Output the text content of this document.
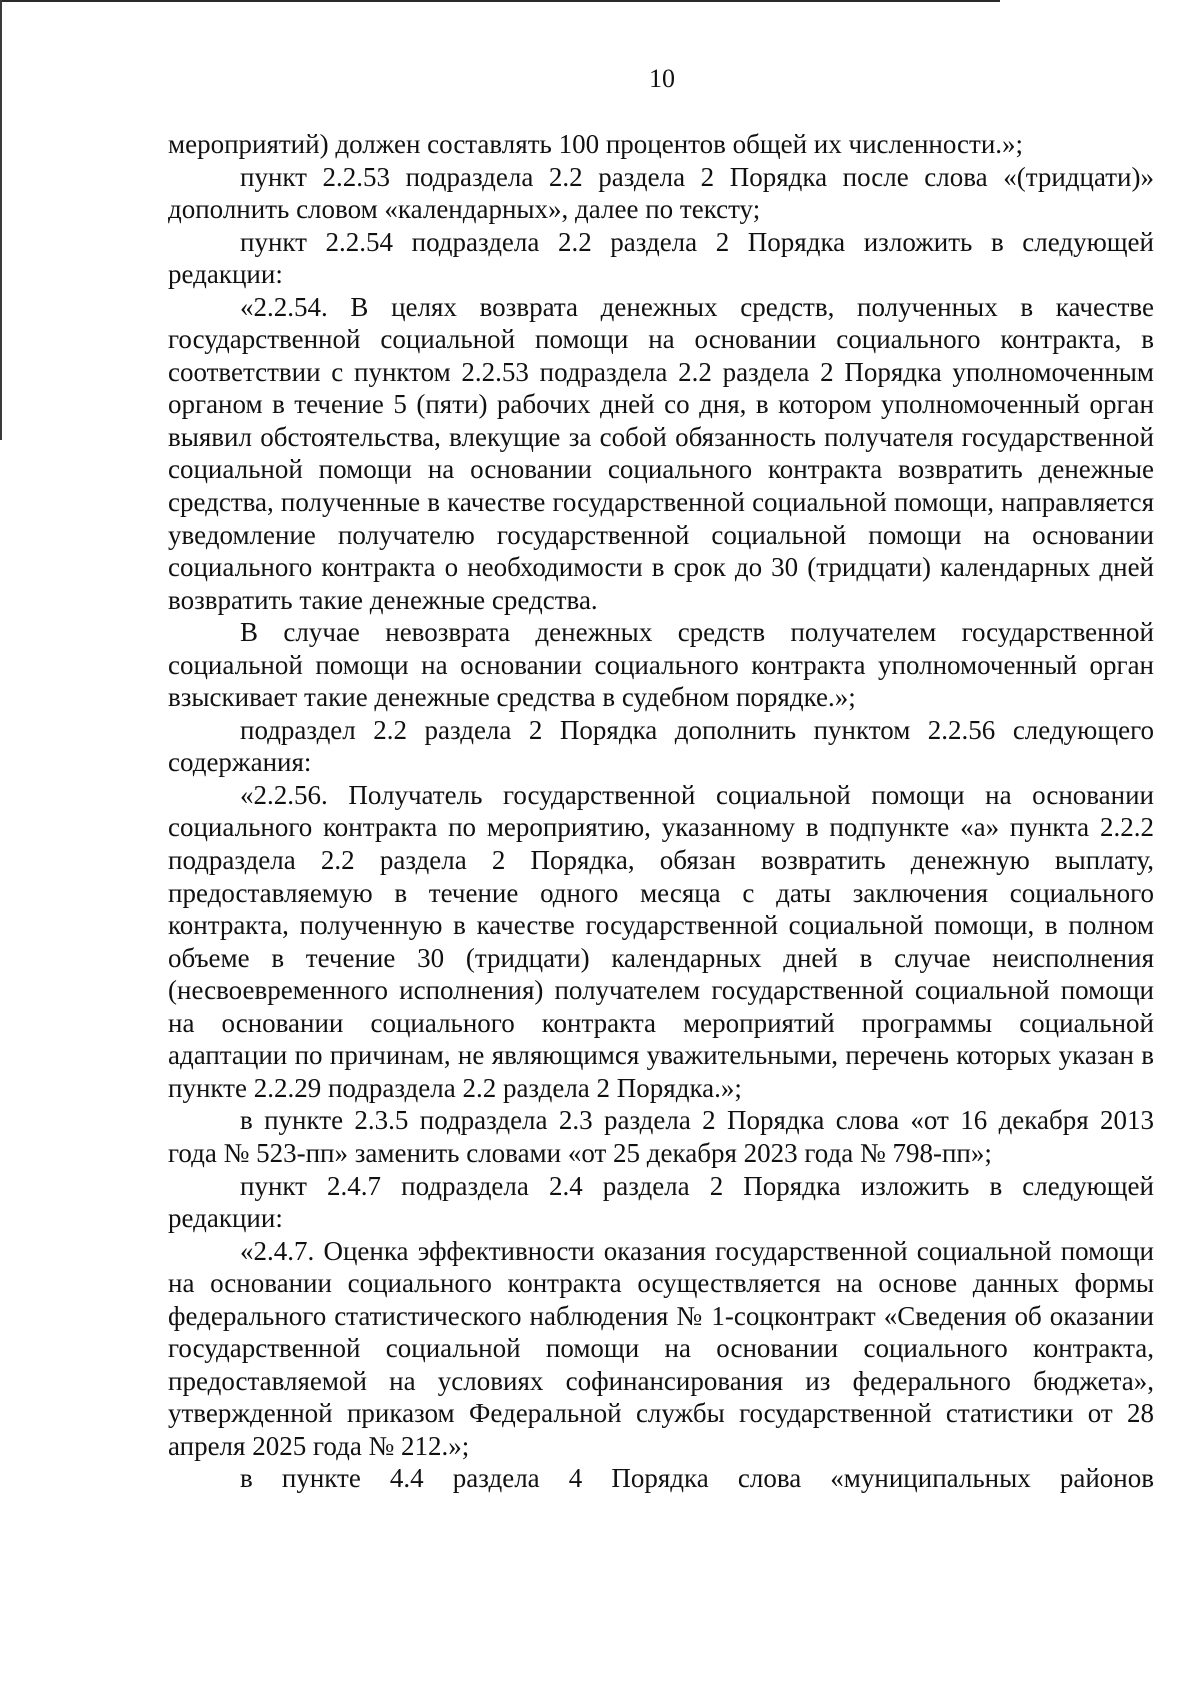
10

мероприятий) должен составлять 100 процентов общей их численности.»;

пункт 2.2.53 подраздела 2.2 раздела 2 Порядка после слова «(тридцати)» дополнить словом «календарных», далее по тексту;

пункт 2.2.54 подраздела 2.2 раздела 2 Порядка изложить в следующей редакции:

«2.2.54. В целях возврата денежных средств, полученных в качестве государственной социальной помощи на основании социального контракта, в соответствии с пунктом 2.2.53 подраздела 2.2 раздела 2 Порядка уполномоченным органом в течение 5 (пяти) рабочих дней со дня, в котором уполномоченный орган выявил обстоятельства, влекущие за собой обязанность получателя государственной социальной помощи на основании социального контракта возвратить денежные средства, полученные в качестве государственной социальной помощи, направляется уведомление получателю государственной социальной помощи на основании социального контракта о необходимости в срок до 30 (тридцати) календарных дней возвратить такие денежные средства.

В случае невозврата денежных средств получателем государственной социальной помощи на основании социального контракта уполномоченный орган взыскивает такие денежные средства в судебном порядке.»;

подраздел 2.2 раздела 2 Порядка дополнить пунктом 2.2.56 следующего содержания:

«2.2.56. Получатель государственной социальной помощи на основании социального контракта по мероприятию, указанному в подпункте «а» пункта 2.2.2 подраздела 2.2 раздела 2 Порядка, обязан возвратить денежную выплату, предоставляемую в течение одного месяца с даты заключения социального контракта, полученную в качестве государственной социальной помощи, в полном объеме в течение 30 (тридцати) календарных дней в случае неисполнения (несвоевременного исполнения) получателем государственной социальной помощи на основании социального контракта мероприятий программы социальной адаптации по причинам, не являющимся уважительными, перечень которых указан в пункте 2.2.29 подраздела 2.2 раздела 2 Порядка.»;

в пункте 2.3.5 подраздела 2.3 раздела 2 Порядка слова «от 16 декабря 2013 года № 523-пп» заменить словами «от 25 декабря 2023 года № 798-пп»;

пункт 2.4.7 подраздела 2.4 раздела 2 Порядка изложить в следующей редакции:

«2.4.7. Оценка эффективности оказания государственной социальной помощи на основании социального контракта осуществляется на основе данных формы федерального статистического наблюдения № 1-соцконтракт «Сведения об оказании государственной социальной помощи на основании социального контракта, предоставляемой на условиях софинансирования из федерального бюджета», утвержденной приказом Федеральной службы государственной статистики от 28 апреля 2025 года № 212.»;

в пункте 4.4 раздела 4 Порядка слова «муниципальных районов
